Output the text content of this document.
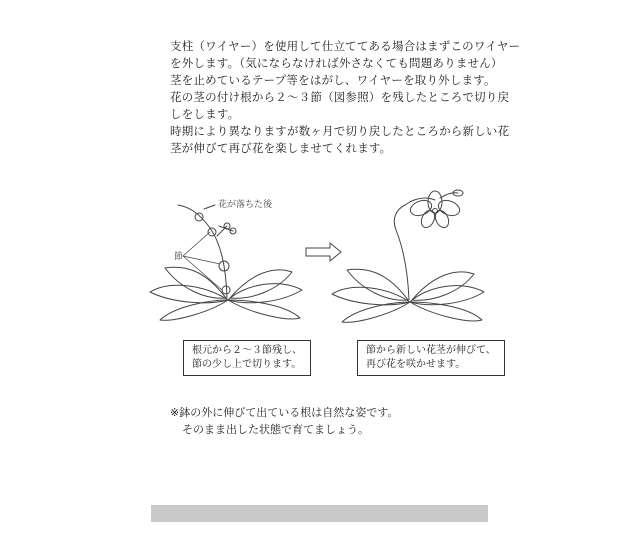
支柱（ワイヤー）を使用して仕立ててある場合はまずこのワイヤー

を外します。（気にならなければ外さなくても問題ありません）

茎を止めているテープ等をはがし、ワイヤーを取り外します。

花の茎の付け根から２～３節（図参照）を残したところで切り戻

しをします。

時期により異なりますが数ヶ月で切り戻したところから新しい花

茎が伸びて再び花を楽しませてくれます。

花が落ちた後
節

根元から２～３節残し、

節の少し上で切ります。

節から新しい花茎が伸びて、

再び花を咲かせます。

※鉢の外に伸びて出ている根は自然な姿です。

そのまま出した状態で育てましょう。
